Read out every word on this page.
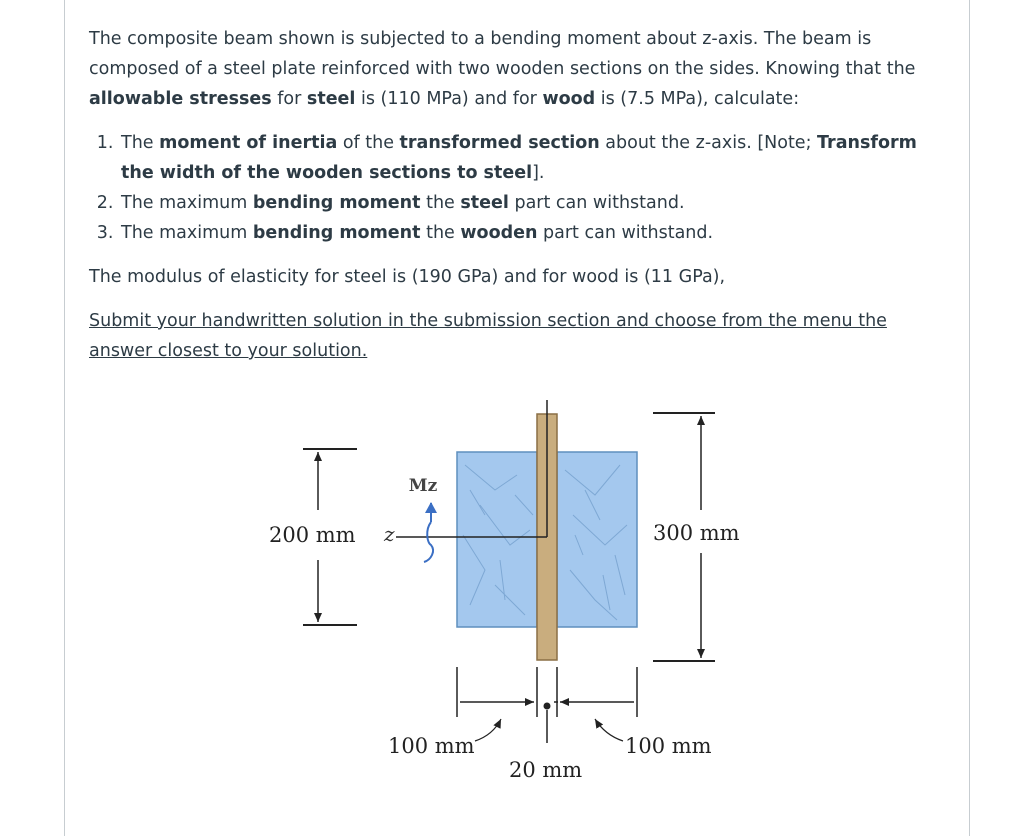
The composite beam shown is subjected to a bending moment about z-axis. The beam is composed of a steel plate reinforced with two wooden sections on the sides. Knowing that the allowable stresses for steel is (110 MPa) and for wood is (7.5 MPa), calculate:

1. The moment of inertia of the transformed section about the z-axis. [Note; Transform the width of the wooden sections to steel].
2. The maximum bending moment the steel part can withstand.
3. The maximum bending moment the wooden part can withstand.

The modulus of elasticity for steel is (190 GPa) and for wood is (11 GPa),

Submit your handwritten solution in the submission section and choose from the menu the answer closest to your solution.

z
Mz
200 mm	300 mm
100 mm	100 mm
20 mm
